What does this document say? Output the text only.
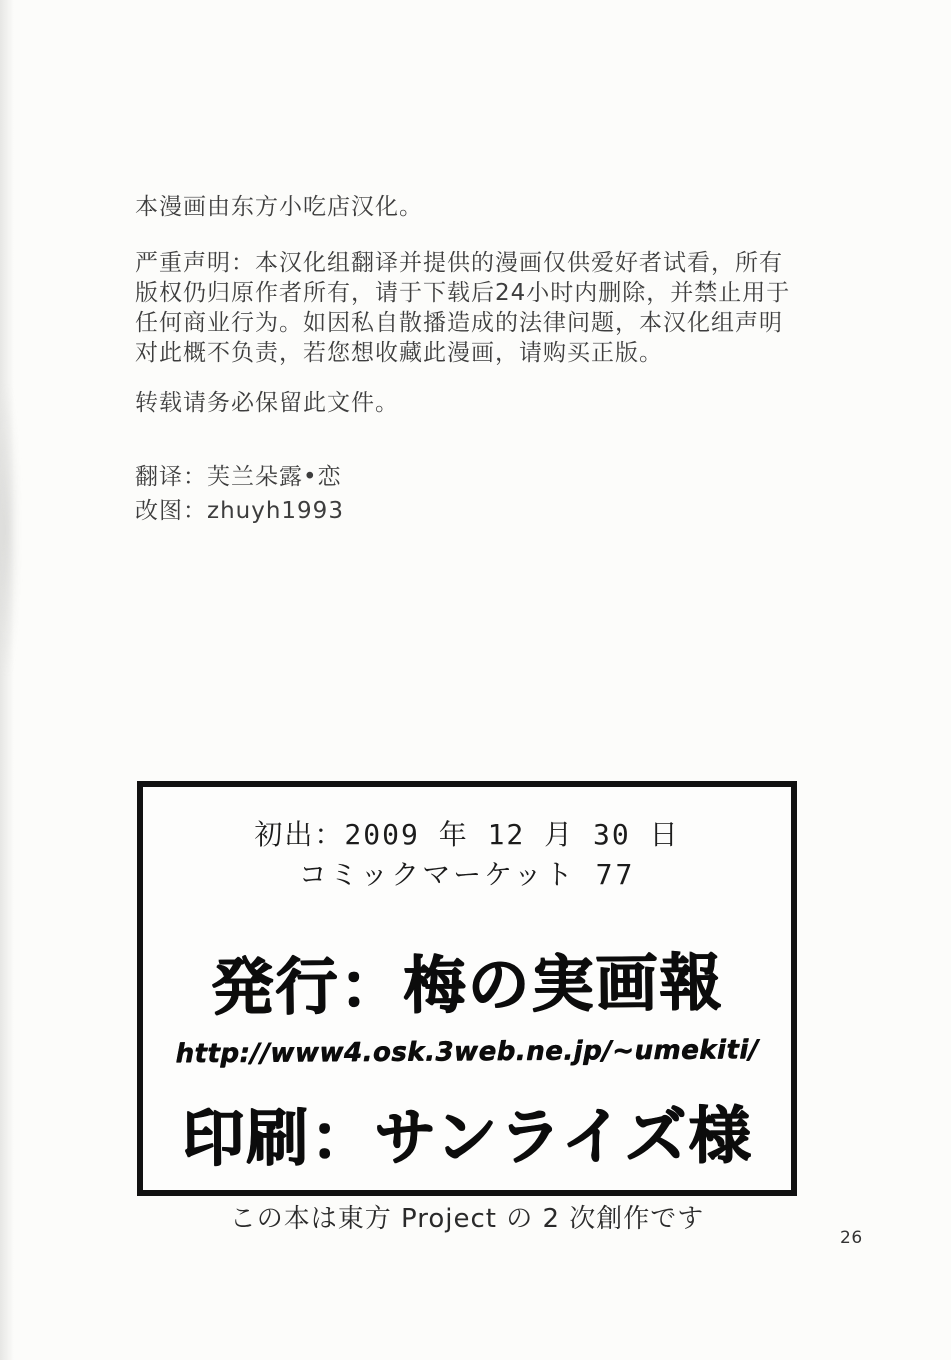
本漫画由东方小吃店汉化。

严重声明：本汉化组翻译并提供的漫画仅供爱好者试看，所有

版权仍归原作者所有，请于下载后24小时内删除，并禁止用于

任何商业行为。如因私自散播造成的法律问题，本汉化组声明

对此概不负责，若您想收藏此漫画，请购买正版。

转载请务必保留此文件。

翻译：芙兰朵露•恋

改图：zhuyh1993

初出：2009 年 12 月 30 日

コミックマーケット 77

発行：梅の実画報

http://www4.osk.3web.ne.jp/~umekiti/

印刷：サンライズ様

この本は東方 Project の 2 次創作です

26
